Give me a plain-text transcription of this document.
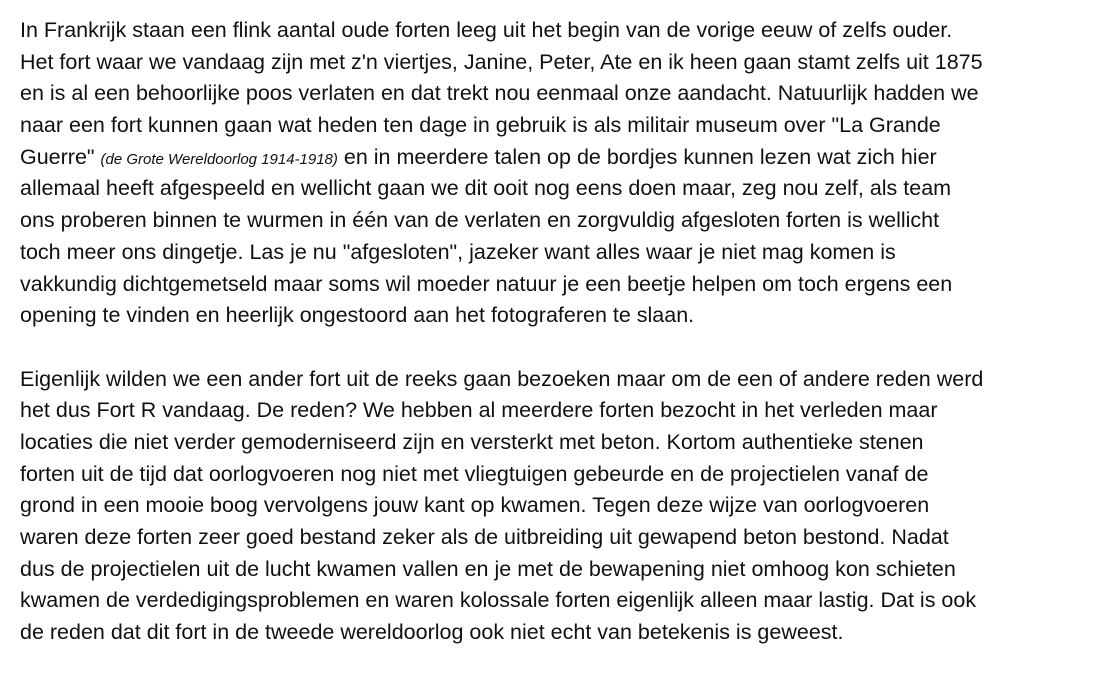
In Frankrijk staan een flink aantal oude forten leeg uit het begin van de vorige eeuw of zelfs ouder.
Het fort waar we vandaag zijn met z'n viertjes, Janine, Peter, Ate en ik heen gaan stamt zelfs uit 1875
en is al een behoorlijke poos verlaten en dat trekt nou eenmaal onze aandacht. Natuurlijk hadden we
naar een fort kunnen gaan wat heden ten dage in gebruik is als militair museum over "La Grande
Guerre" (de Grote Wereldoorlog 1914-1918) en in meerdere talen op de bordjes kunnen lezen wat zich hier
allemaal heeft afgespeeld en wellicht gaan we dit ooit nog eens doen maar, zeg nou zelf, als team
ons proberen binnen te wurmen in één van de verlaten en zorgvuldig afgesloten forten is wellicht
toch meer ons dingetje. Las je nu "afgesloten", jazeker want alles waar je niet mag komen is
vakkundig dichtgemetseld maar soms wil moeder natuur je een beetje helpen om toch ergens een
opening te vinden en heerlijk ongestoord aan het fotograferen te slaan.
Eigenlijk wilden we een ander fort uit de reeks gaan bezoeken maar om de een of andere reden werd
het dus Fort R vandaag. De reden? We hebben al meerdere forten bezocht in het verleden maar
locaties die niet verder gemoderniseerd zijn en versterkt met beton. Kortom authentieke stenen
forten uit de tijd dat oorlogvoeren nog niet met vliegtuigen gebeurde en de projectielen vanaf de
grond in een mooie boog vervolgens jouw kant op kwamen. Tegen deze wijze van oorlogvoeren
waren deze forten zeer goed bestand zeker als de uitbreiding uit gewapend beton bestond. Nadat
dus de projectielen uit de lucht kwamen vallen en je met de bewapening niet omhoog kon schieten
kwamen de verdedigingsproblemen en waren kolossale forten eigenlijk alleen maar lastig. Dat is ook
de reden dat dit fort in de tweede wereldoorlog ook niet echt van betekenis is geweest.
